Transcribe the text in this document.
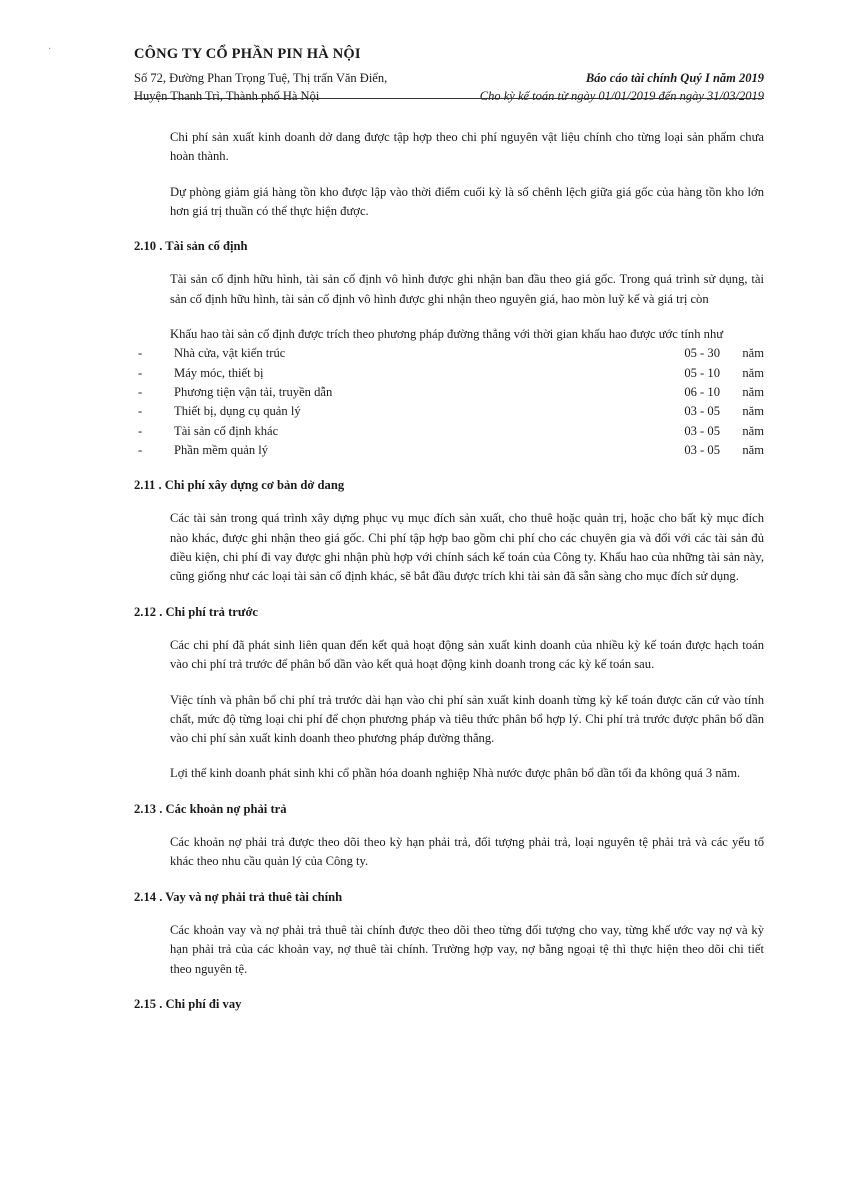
·	CÔNG TY CỔ PHẦN PIN HÀ NỘI
Số 72, Đường Phan Trọng Tuệ, Thị trấn Văn Điển,	Báo cáo tài chính Quý I năm 2019
Huyện Thanh Trì, Thành phố Hà Nội	Cho kỳ kế toán từ ngày 01/01/2019 đến ngày 31/03/2019

Chi phí sản xuất kinh doanh dở dang được tập hợp theo chi phí nguyên vật liệu chính cho từng loại sản phẩm chưa hoàn thành.

Dự phòng giảm giá hàng tồn kho được lập vào thời điểm cuối kỳ là số chênh lệch giữa giá gốc của hàng tồn kho lớn hơn giá trị thuần có thể thực hiện được.

2.10 . Tài sản cố định

Tài sản cố định hữu hình, tài sản cố định vô hình được ghi nhận ban đầu theo giá gốc. Trong quá trình sử dụng, tài sản cố định hữu hình, tài sản cố định vô hình được ghi nhận theo nguyên giá, hao mòn luỹ kế và giá trị còn

Khấu hao tài sản cố định được trích theo phương pháp đường thẳng với thời gian khấu hao được ước tính như

-	Nhà cửa, vật kiến trúc	05 - 30	năm
-	Máy móc, thiết bị	05 - 10	năm
-	Phương tiện vận tải, truyền dẫn	06 - 10	năm
-	Thiết bị, dụng cụ quản lý	03 - 05	năm
-	Tài sản cố định khác	03 - 05	năm
-	Phần mềm quản lý	03 - 05	năm

2.11 . Chi phí xây dựng cơ bản dở dang

Các tài sản trong quá trình xây dựng phục vụ mục đích sản xuất, cho thuê hoặc quản trị, hoặc cho bất kỳ mục đích nào khác, được ghi nhận theo giá gốc. Chi phí tập hợp bao gồm chi phí cho các chuyên gia và đối với các tài sản đủ điều kiện, chi phí đi vay được ghi nhận phù hợp với chính sách kế toán của Công ty. Khấu hao của những tài sản này, cũng giống như các loại tài sản cố định khác, sẽ bắt đầu được trích khi tài sản đã sẵn sàng cho mục đích sử dụng.

2.12 . Chi phí trả trước

Các chi phí đã phát sinh liên quan đến kết quả hoạt động sản xuất kinh doanh của nhiều kỳ kế toán được hạch toán vào chi phí trả trước để phân bổ dần vào kết quả hoạt động kinh doanh trong các kỳ kế toán sau.

Việc tính và phân bổ chi phí trả trước dài hạn vào chi phí sản xuất kinh doanh từng kỳ kế toán được căn cứ vào tính chất, mức độ từng loại chi phí để chọn phương pháp và tiêu thức phân bổ hợp lý. Chi phí trả trước được phân bổ dần vào chi phí sản xuất kinh doanh theo phương pháp đường thẳng.

Lợi thế kinh doanh phát sinh khi cổ phần hóa doanh nghiệp Nhà nước được phân bổ dần tối đa không quá 3 năm.

2.13 . Các khoản nợ phải trả

Các khoản nợ phải trả được theo dõi theo kỳ hạn phải trả, đối tượng phải trả, loại nguyên tệ phải trả và các yếu tố khác theo nhu cầu quản lý của Công ty.

2.14 . Vay và nợ phải trả thuê tài chính

Các khoản vay và nợ phải trả thuê tài chính được theo dõi theo từng đối tượng cho vay, từng khế ước vay nợ và kỳ hạn phải trả của các khoản vay, nợ thuê tài chính. Trường hợp vay, nợ bằng ngoại tệ thì thực hiện theo dõi chi tiết theo nguyên tệ.

2.15 . Chi phí đi vay
